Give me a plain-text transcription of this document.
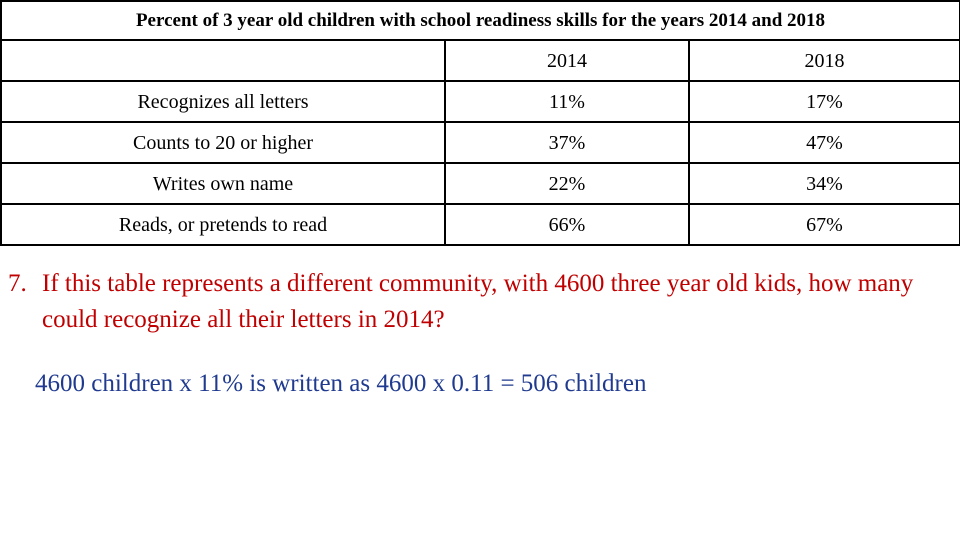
Percent of 3 year old children with school readiness skills for the years 2014 and 2018		
	2014	2018
Recognizes all letters	11%	17%
Counts to 20 or higher	37%	47%
Writes own name	22%	34%
Reads, or pretends to read	66%	67%
7. If this table represents a different community, with 4600 three year old kids, how many could recognize all their letters in 2014?
4600 children x 11% is written as 4600 x 0.11 = 506 children
